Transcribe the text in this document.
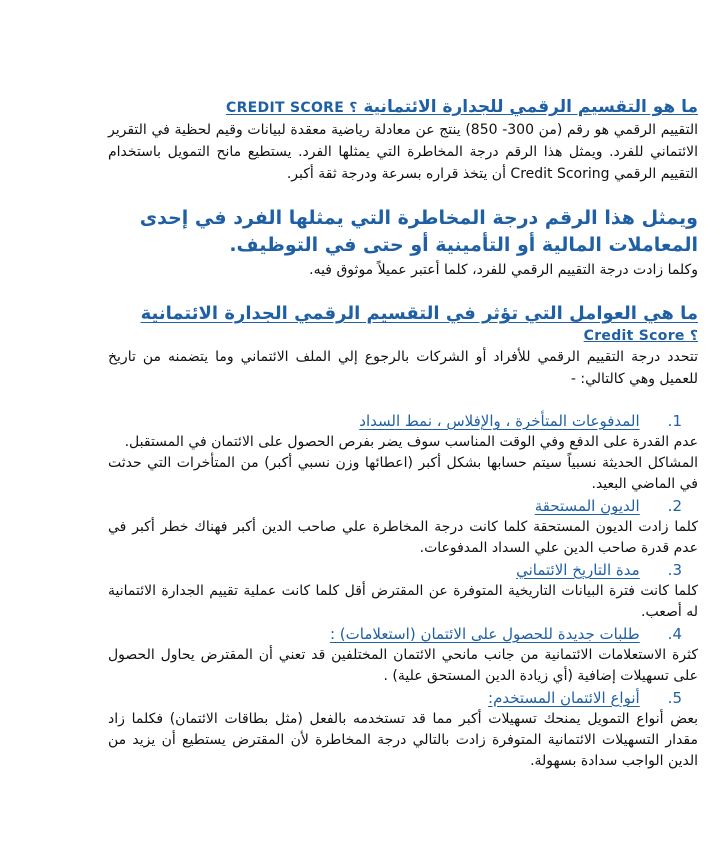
ما هو التقسيم الرقمي للجدارة الائتمانية CREDIT SCORE ؟

التقييم الرقمي هو رقم (من 300- 850) ينتج عن معادلة رياضية معقدة لبيانات وقيم لحظية في التقرير الائتماني للفرد. ويمثل هذا الرقم درجة المخاطرة التي يمثلها الفرد. يستطيع مانح التمويل باستخدام التقييم الرقمي Credit Scoring أن يتخذ قراره بسرعة ودرجة ثقة أكبر.

ويمثل هذا الرقم درجة المخاطرة التي يمثلها الفرد في إحدى المعاملات المالية أو التأمينية أو حتى في التوظيف.

وكلما زادت درجة التقييم الرقمي للفرد، كلما أعتبر عميلاً موثوق فيه.

ما هي العوامل التي تؤثر في التقسيم الرقمي الجدارة الائتمانية

Credit Score ؟

تتحدد درجة التقييم الرقمي للأفراد أو الشركات بالرجوع إلي الملف الائتماني وما يتضمنه من تاريخ للعميل وهي كالتالي: -

1.المدفوعات المتأخرة ، والإفلاس ، نمط السداد

عدم القدرة على الدفع وفي الوقت المناسب سوف يضر بفرص الحصول على الائتمان في المستقبل.

المشاكل الحديثة نسبياً سيتم حسابها بشكل أكبر (اعطائها وزن نسبي أكبر) من المتأخرات التي حدثت في الماضي البعيد.

2.الديون المستحقة

كلما زادت الديون المستحقة كلما كانت درجة المخاطرة علي صاحب الدين أكبر فهناك خطر أكبر في عدم قدرة صاحب الدين علي السداد المدفوعات.

3.مدة التاريخ الائتماني

كلما كانت فترة البيانات التاريخية المتوفرة عن المقترض أقل كلما كانت عملية تقييم الجدارة الائتمانية له أصعب.

4.طلبات جديدة للحصول على الائتمان (استعلامات) :

كثرة الاستعلامات الائتمانية من جانب مانحي الائتمان المختلفين قد تعني أن المقترض يحاول الحصول على تسهيلات إضافية (أي زيادة الدين المستحق علية) .

5.أنواع الائتمان المستخدم:

بعض أنواع التمويل يمنحك تسهيلات أكبر مما قد تستخدمه بالفعل (مثل بطاقات الائتمان) فكلما زاد مقدار التسهيلات الائتمانية المتوفرة زادت بالتالي درجة المخاطرة لأن المقترض يستطيع أن يزيد من الدين الواجب سدادة بسهولة.
